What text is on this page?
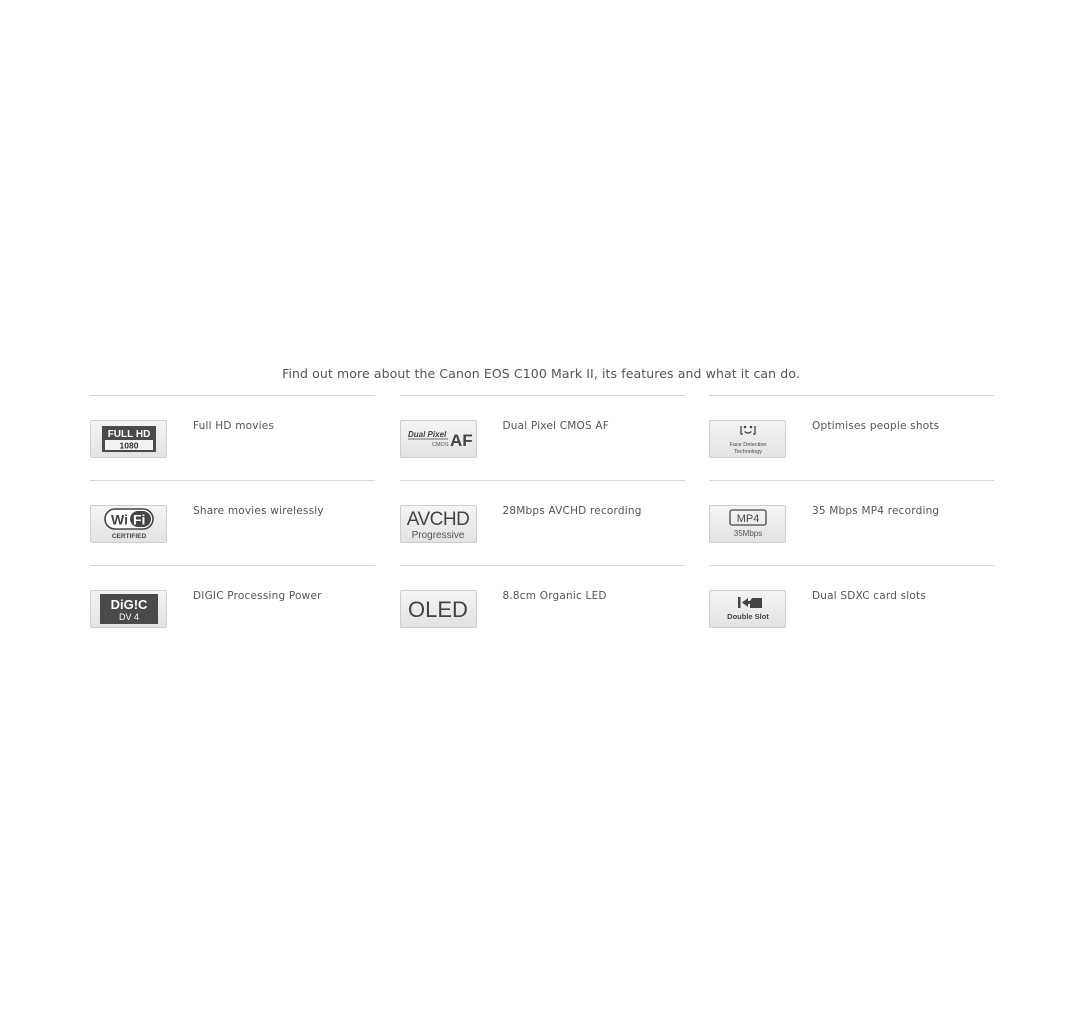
Find out more about the Canon EOS C100 Mark II, its features and what it can do.
FULL HD
1080
Full HD movies
Dual Pixel
CMOS AF
Dual Pixel CMOS AF
Face Detection
Technology
Optimises people shots
Wi Fi
CERTIFIED
Share movies wirelessly	AVCHD
Progressive
28Mbps AVCHD recording
MP4
35Mbps
35 Mbps MP4 recording
DiG!C
DV 4
DIGIC Processing Power
OLED
8.8cm Organic LED
Double Slot
Dual SDXC card slots
